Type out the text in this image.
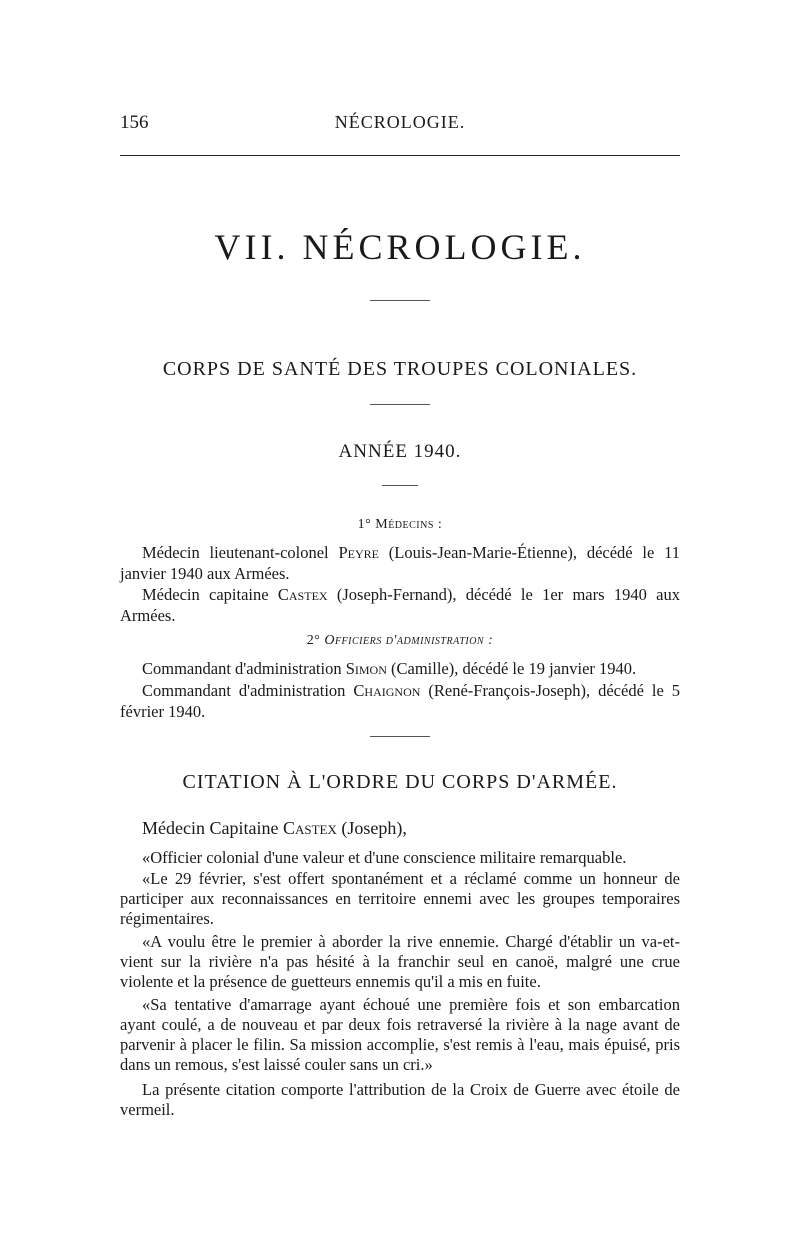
156	NÉCROLOGIE.
VII. NÉCROLOGIE.
CORPS DE SANTÉ DES TROUPES COLONIALES.
ANNÉE 1940.
1° Médecins :

Médecin lieutenant-colonel Peyre (Louis-Jean-Marie-Étienne), décédé le 11 janvier 1940 aux Armées.

Médecin capitaine Castex (Joseph-Fernand), décédé le 1er mars 1940 aux Armées.

2° Officiers d'administration :

Commandant d'administration Simon (Camille), décédé le 19 janvier 1940.

Commandant d'administration Chaignon (René-François-Joseph), décédé le 5 février 1940.

CITATION À L'ORDRE DU CORPS D'ARMÉE.

Médecin Capitaine Castex (Joseph),

«Officier colonial d'une valeur et d'une conscience militaire remarquable.

«Le 29 février, s'est offert spontanément et a réclamé comme un honneur de participer aux reconnaissances en territoire ennemi avec les groupes temporaires régimentaires.

«A voulu être le premier à aborder la rive ennemie. Chargé d'établir un va-et-vient sur la rivière n'a pas hésité à la franchir seul en canoë, malgré une crue violente et la présence de guetteurs ennemis qu'il a mis en fuite.

«Sa tentative d'amarrage ayant échoué une première fois et son embarcation ayant coulé, a de nouveau et par deux fois retraversé la rivière à la nage avant de parvenir à placer le filin. Sa mission accomplie, s'est remis à l'eau, mais épuisé, pris dans un remous, s'est laissé couler sans un cri.»

La présente citation comporte l'attribution de la Croix de Guerre avec étoile de vermeil.
